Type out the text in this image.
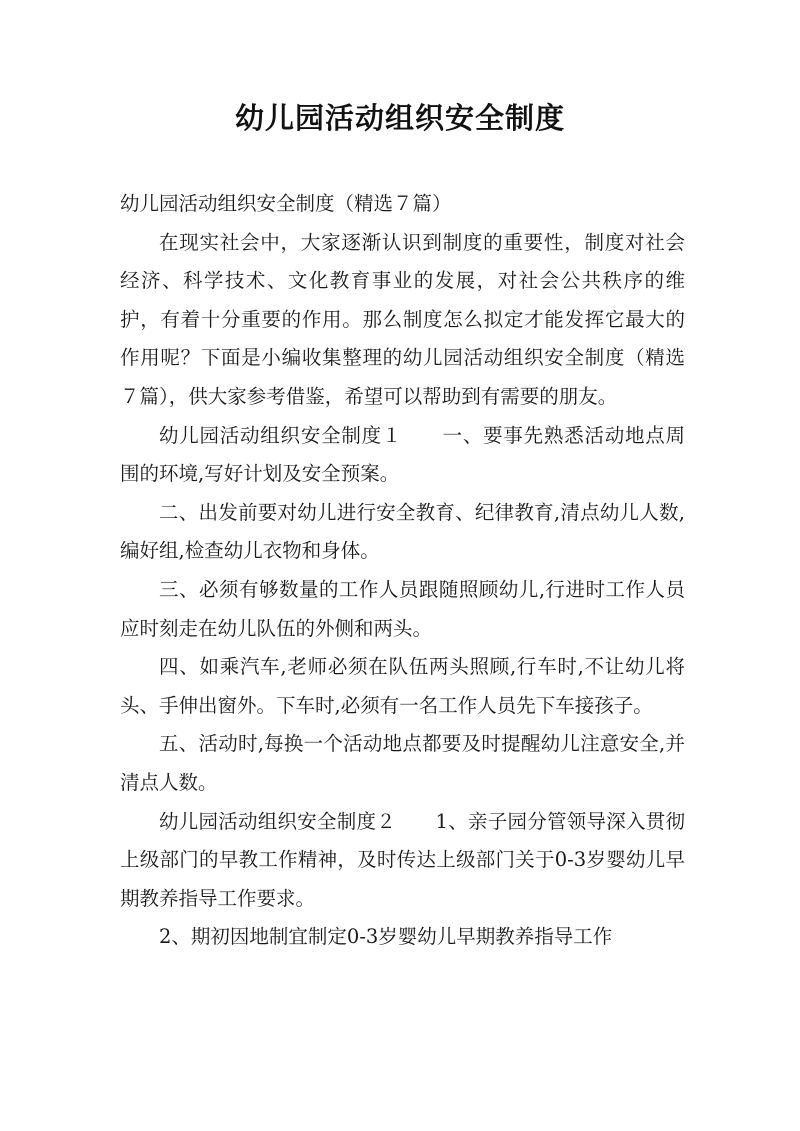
幼儿园活动组织安全制度

幼儿园活动组织安全制度（精选７篇）

在现实社会中，大家逐渐认识到制度的重要性，制度对社会经济、科学技术、文化教育事业的发展，对社会公共秩序的维护，有着十分重要的作用。那么制度怎么拟定才能发挥它最大的作用呢？下面是小编收集整理的幼儿园活动组织安全制度（精选７篇），供大家参考借鉴，希望可以帮助到有需要的朋友。

幼儿园活动组织安全制度１　　一、要事先熟悉活动地点周围的环境,写好计划及安全预案。

二、出发前要对幼儿进行安全教育、纪律教育,清点幼儿人数,编好组,检查幼儿衣物和身体。

三、必须有够数量的工作人员跟随照顾幼儿,行进时工作人员应时刻走在幼儿队伍的外侧和两头。

四、如乘汽车,老师必须在队伍两头照顾,行车时,不让幼儿将头、手伸出窗外。下车时,必须有一名工作人员先下车接孩子。

五、活动时,每换一个活动地点都要及时提醒幼儿注意安全,并清点人数。

幼儿园活动组织安全制度２　　1、亲子园分管领导深入贯彻上级部门的早教工作精神，及时传达上级部门关于0-3岁婴幼儿早期教养指导工作要求。

2、期初因地制宜制定0-3岁婴幼儿早期教养指导工作
